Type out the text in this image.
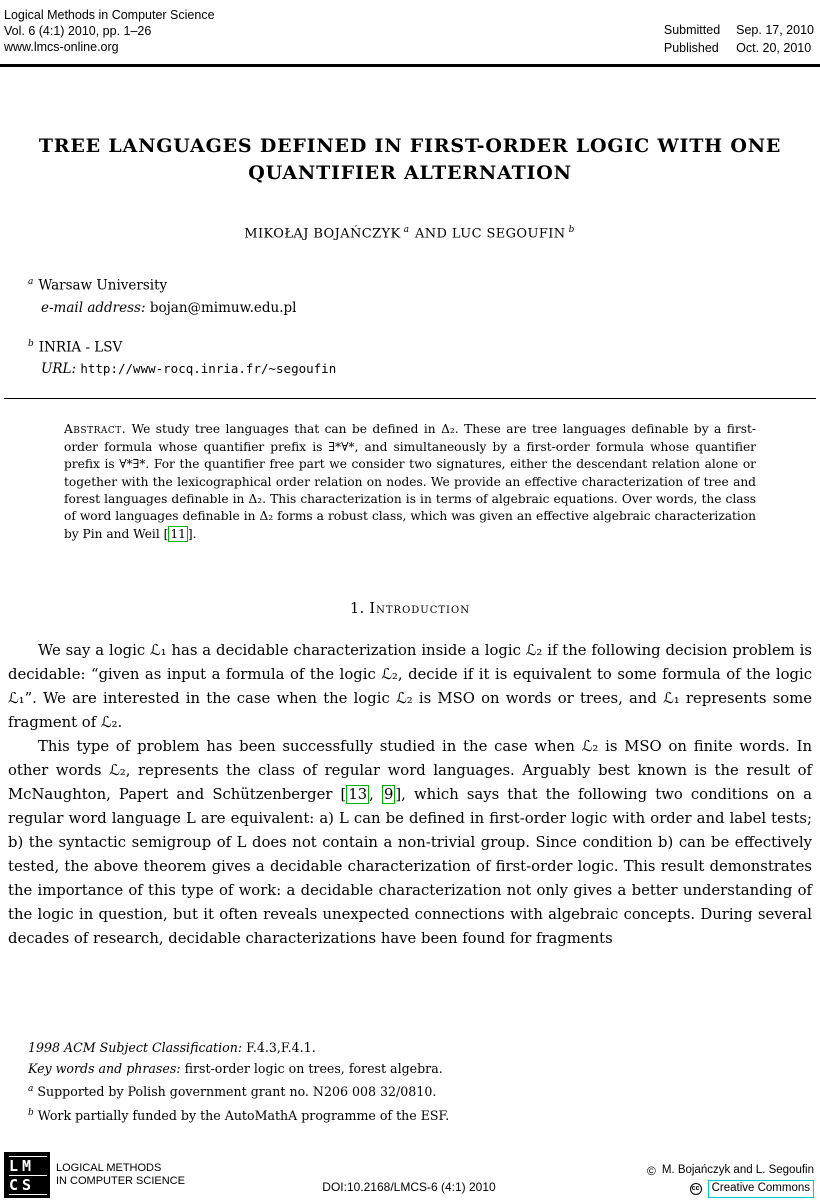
Logical Methods in Computer Science
Vol. 6 (4:1) 2010, pp. 1–26
www.lmcs-online.org
Submitted Sep. 17, 2010
Published Oct. 20, 2010
TREE LANGUAGES DEFINED IN FIRST-ORDER LOGIC WITH ONE
QUANTIFIER ALTERNATION
MIKOŁAJ BOJAŃCZYK $^a$ AND LUC SEGOUFIN $^b$
$^a$ Warsaw University
e-mail address: bojan@mimuw.edu.pl
$^b$ INRIA - LSV
URL: http://www-rocq.inria.fr/~segoufin
Abstract. We study tree languages that can be defined in Δ₂. These are tree languages definable by a first-order formula whose quantifier prefix is ∃*∀*, and simultaneously by a first-order formula whose quantifier prefix is ∀*∃*. For the quantifier free part we consider two signatures, either the descendant relation alone or together with the lexicographical order relation on nodes. We provide an effective characterization of tree and forest languages definable in Δ₂. This characterization is in terms of algebraic equations. Over words, the class of word languages definable in Δ₂ forms a robust class, which was given an effective algebraic characterization by Pin and Weil [ 11 ].
1. Introduction

We say a logic ℒ₁ has a decidable characterization inside a logic ℒ₂ if the following decision problem is decidable: “given as input a formula of the logic ℒ₂, decide if it is equivalent to some formula of the logic ℒ₁”. We are interested in the case when the logic ℒ₂ is MSO on words or trees, and ℒ₁ represents some fragment of ℒ₂.

This type of problem has been successfully studied in the case when ℒ₂ is MSO on finite words. In other words ℒ₂, represents the class of regular word languages. Arguably best known is the result of McNaughton, Papert and Schützenberger [ 13 , 9 ], which says that the following two conditions on a regular word language L are equivalent: a) L can be defined in first-order logic with order and label tests; b) the syntactic semigroup of L does not contain a non-trivial group. Since condition b) can be effectively tested, the above theorem gives a decidable characterization of first-order logic. This result demonstrates the importance of this type of work: a decidable characterization not only gives a better understanding of the logic in question, but it often reveals unexpected connections with algebraic concepts. During several decades of research, decidable characterizations have been found for fragments

1998 ACM Subject Classification: F.4.3,F.4.1.
Key words and phrases: first-order logic on trees, forest algebra.
$^a$ Supported by Polish government grant no. N206 008 32/0810.
$^b$ Work partially funded by the AutoMathA programme of the ESF.
LM
CS
LOGICAL METHODS
IN COMPUTER SCIENCE	DOI:10.2168/LMCS-6 (4:1) 2010
© M. Bojańczyk and L. Segoufin
cc	Creative Commons
